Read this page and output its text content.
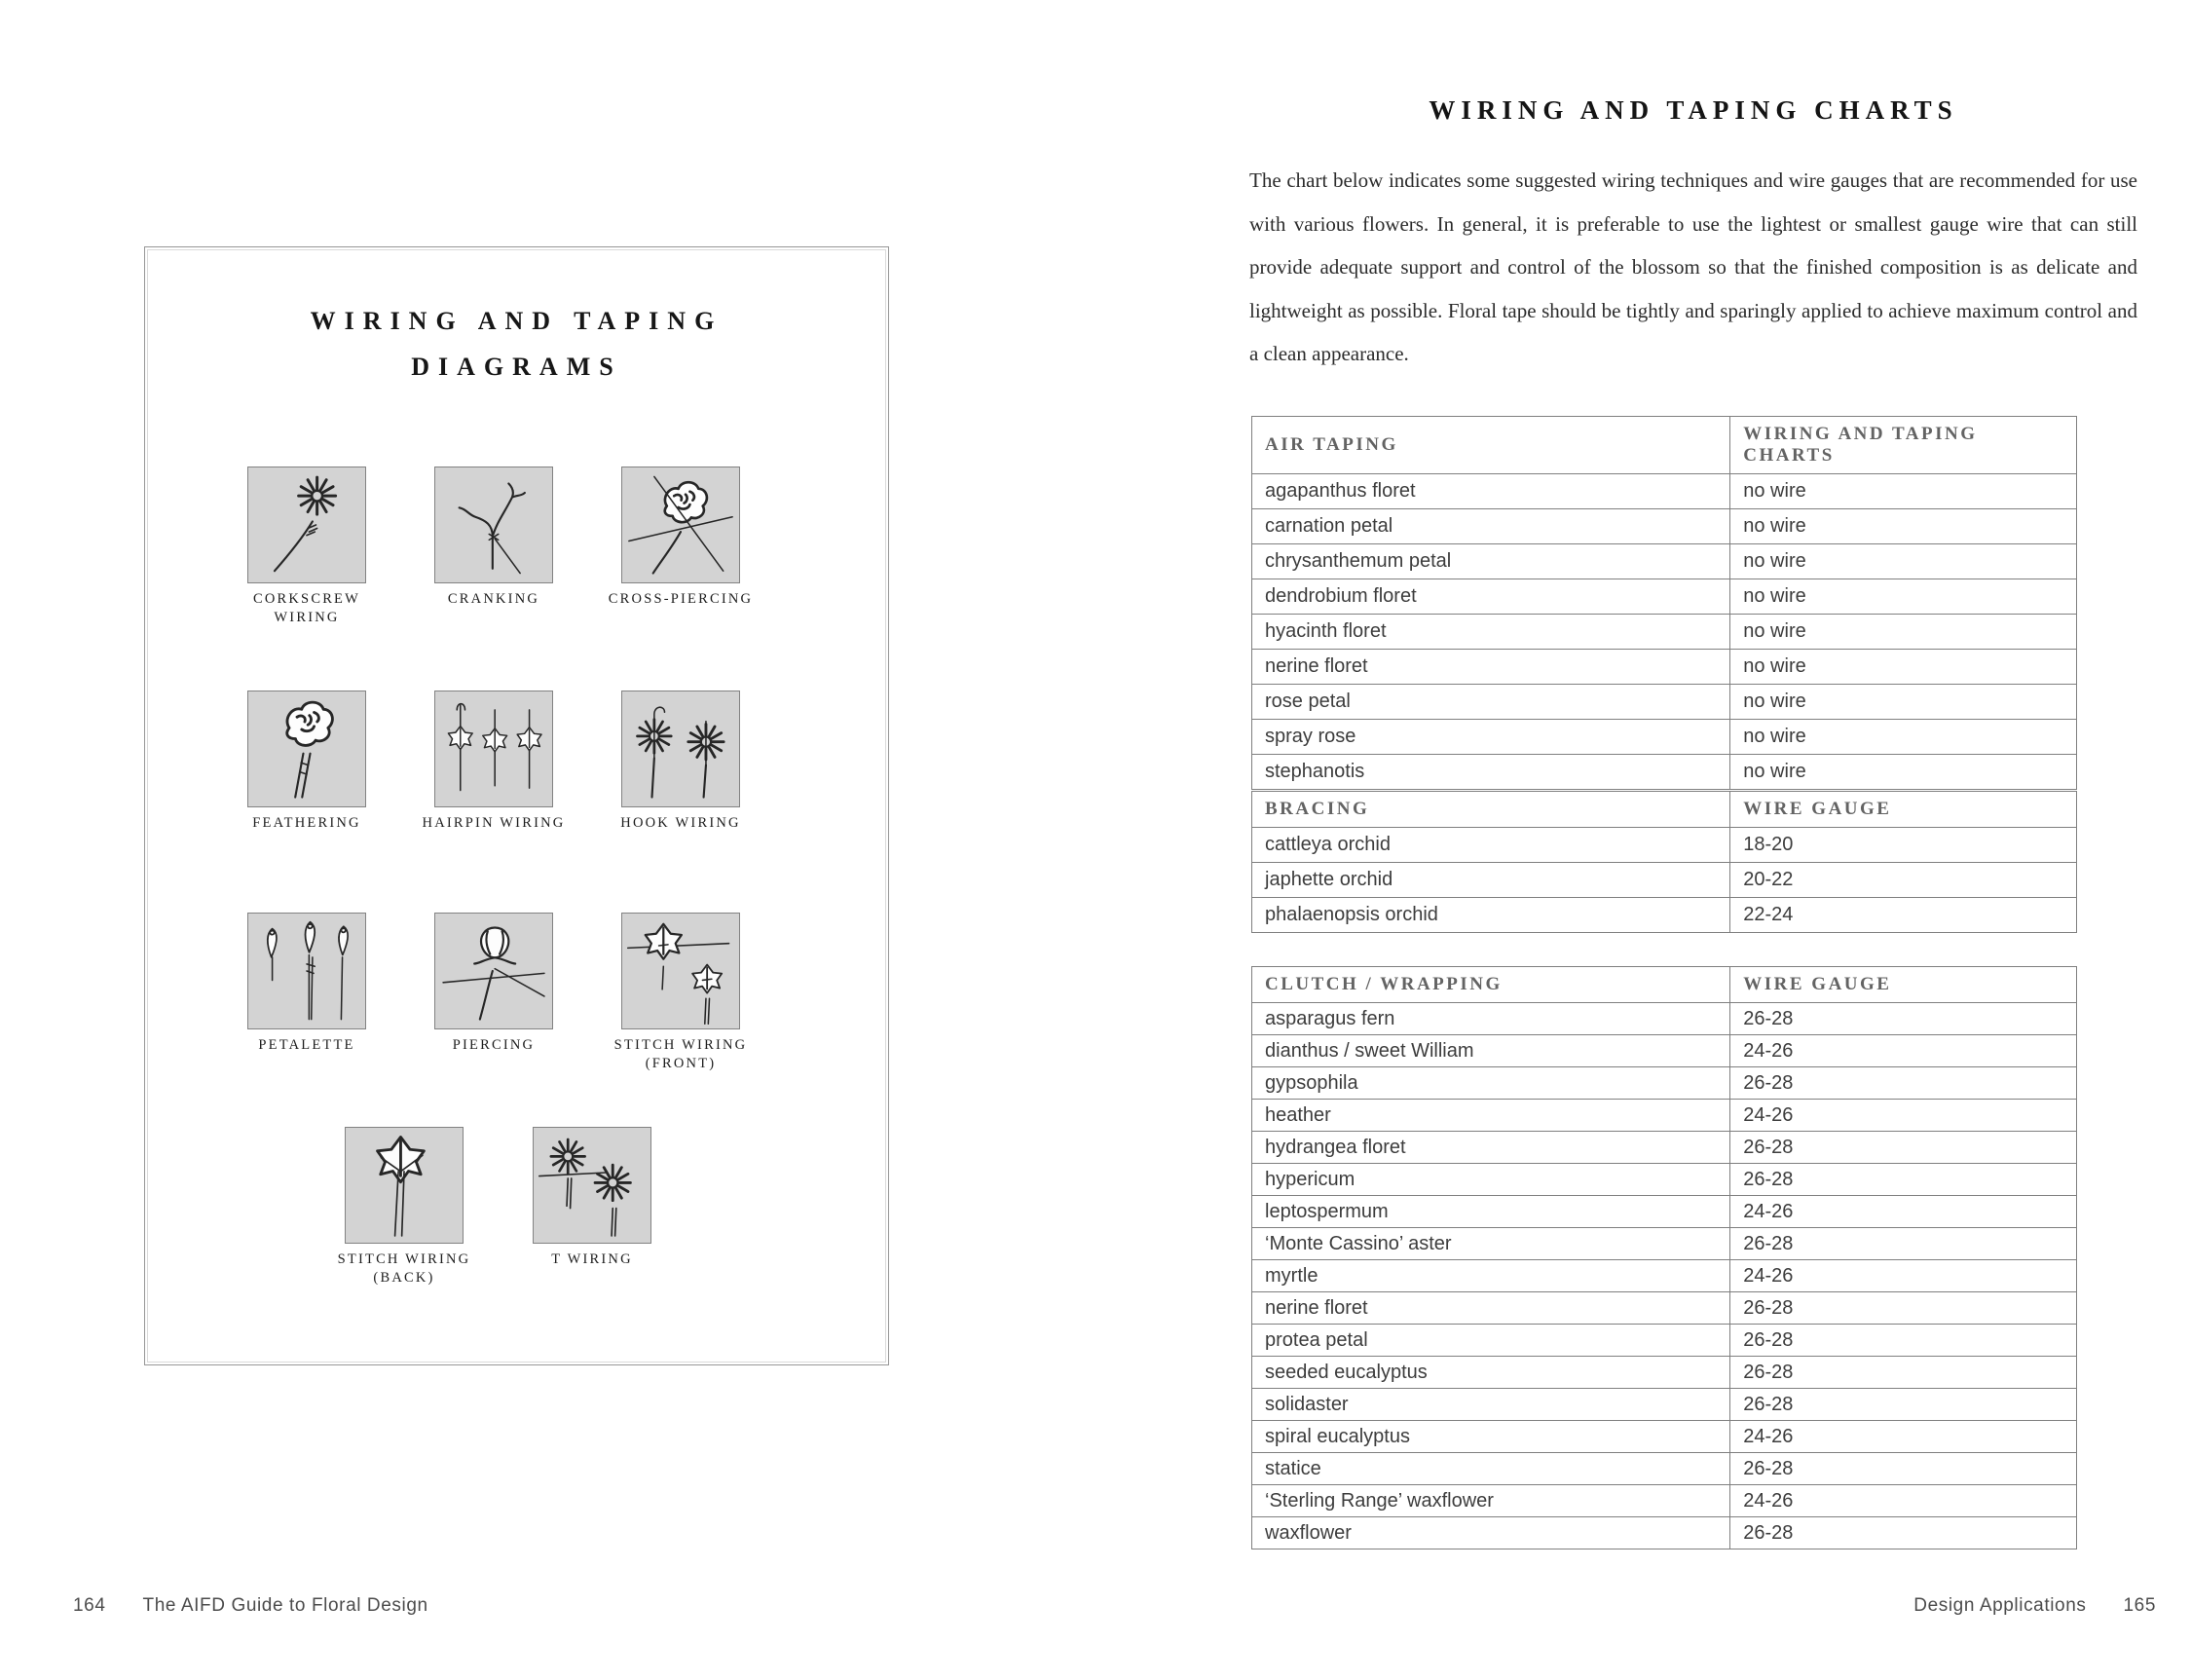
WIRING AND TAPING
DIAGRAMS
CORKSCREW
WIRING
CRANKING	CROSS-PIERCING
FEATHERING	HAIRPIN WIRING	HOOK WIRING
PETALETTE	PIERCING	STITCH WIRING
(FRONT)
STITCH WIRING
(BACK)
T WIRING
164 The AIFD Guide to Floral Design
WIRING AND TAPING CHARTS

The chart below indicates some suggested wiring techniques and wire gauges that are recommended for use with various flowers. In general, it is preferable to use the lightest or smallest gauge wire that can still provide adequate support and control of the blossom so that the finished composition is as delicate and lightweight as possible. Floral tape should be tightly and sparingly applied to achieve maximum control and a clean appearance.

AIR TAPING	WIRING AND TAPING CHARTS
agapanthus floret	no wire
carnation petal	no wire
chrysanthemum petal	no wire
dendrobium floret	no wire
hyacinth floret	no wire
nerine floret	no wire
rose petal	no wire
spray rose	no wire
stephanotis	no wire
BRACING	WIRE GAUGE
cattleya orchid	18-20
japhette orchid	20-22
phalaenopsis orchid	22-24
CLUTCH / WRAPPING	WIRE GAUGE
asparagus fern	26-28
dianthus / sweet William	24-26
gypsophila	26-28
heather	24-26
hydrangea floret	26-28
hypericum	26-28
leptospermum	24-26
‘Monte Cassino’ aster	26-28
myrtle	24-26
nerine floret	26-28
protea petal	26-28
seeded eucalyptus	26-28
solidaster	26-28
spiral eucalyptus	24-26
statice	26-28
‘Sterling Range’ waxflower	24-26
waxflower	26-28
Design Applications 165
